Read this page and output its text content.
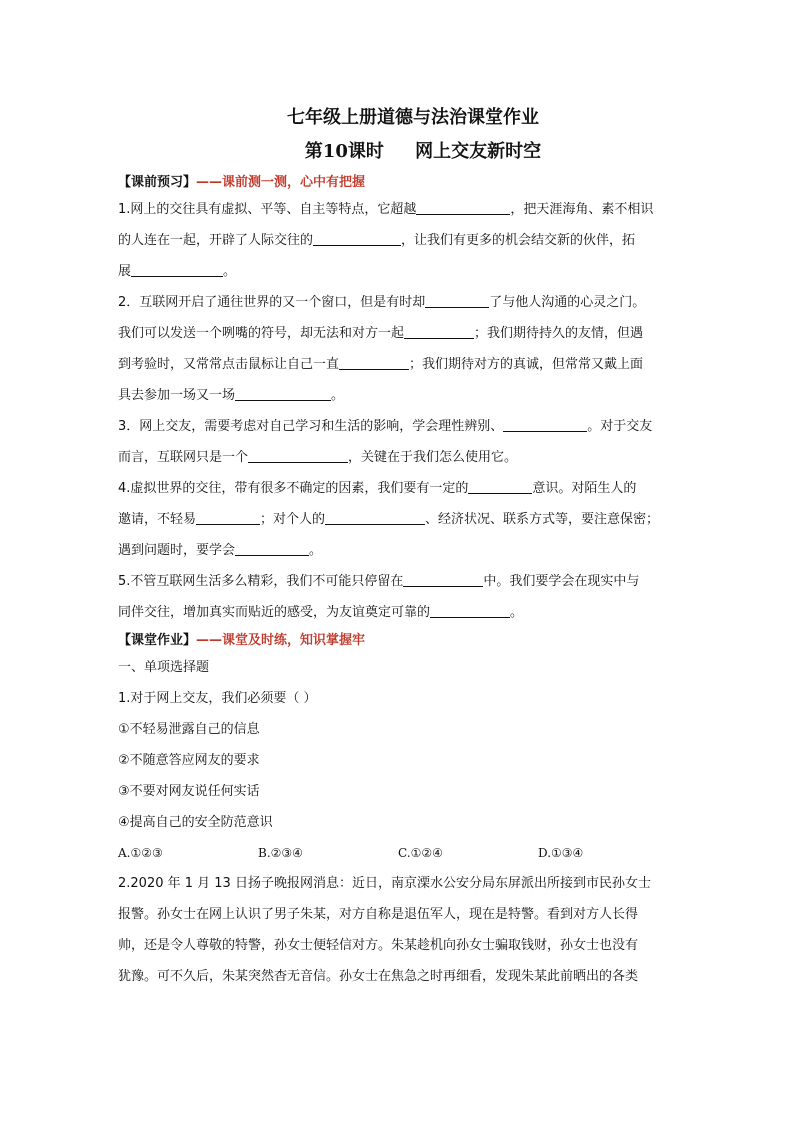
七年级上册道德与法治课堂作业
第10课时     网上交友新时空
【课前预习】——课前测一测，心中有把握
1.网上的交往具有虚拟、平等、自主等特点，它超越	，把天涯海角、素不相识
的人连在一起，开辟了人际交往的	，让我们有更多的机会结交新的伙伴，拓
展	。
2．互联网开启了通往世界的又一个窗口，但是有时却	了与他人沟通的心灵之门。
我们可以发送一个咧嘴的符号，却无法和对方一起	；我们期待持久的友情，但遇
到考验时，又常常点击鼠标让自己一直	；我们期待对方的真诚，但常常又戴上面
具去参加一场又一场	。
3．网上交友，需要考虑对自己学习和生活的影响，学会理性辨别、	。对于交友
而言，互联网只是一个	，关键在于我们怎么使用它。
4.虚拟世界的交往，带有很多不确定的因素，我们要有一定的	意识。对陌生人的
邀请，不轻易	；对个人的	、经济状况、联系方式等，要注意保密；
遇到问题时，要学会	。
5.不管互联网生活多么精彩，我们不可能只停留在	中。我们要学会在现实中与
同伴交往，增加真实而贴近的感受，为友谊奠定可靠的	。
【课堂作业】——课堂及时练，知识掌握牢
一、单项选择题
1.对于网上交友，我们必须要（ ）
①不轻易泄露自己的信息
②不随意答应网友的要求
③不要对网友说任何实话
④提高自己的安全防范意识
A.①②③	B.②③④	C.①②④	D.①③④
2.2020 年 1 月 13 日扬子晚报网消息：近日，南京溧水公安分局东屏派出所接到市民孙女士
报警。孙女士在网上认识了男子朱某，对方自称是退伍军人，现在是特警。看到对方人长得
帅，还是令人尊敬的特警，孙女士便轻信对方。朱某趁机向孙女士骗取钱财，孙女士也没有
犹豫。可不久后，朱某突然杳无音信。孙女士在焦急之时再细看，发现朱某此前晒出的各类
